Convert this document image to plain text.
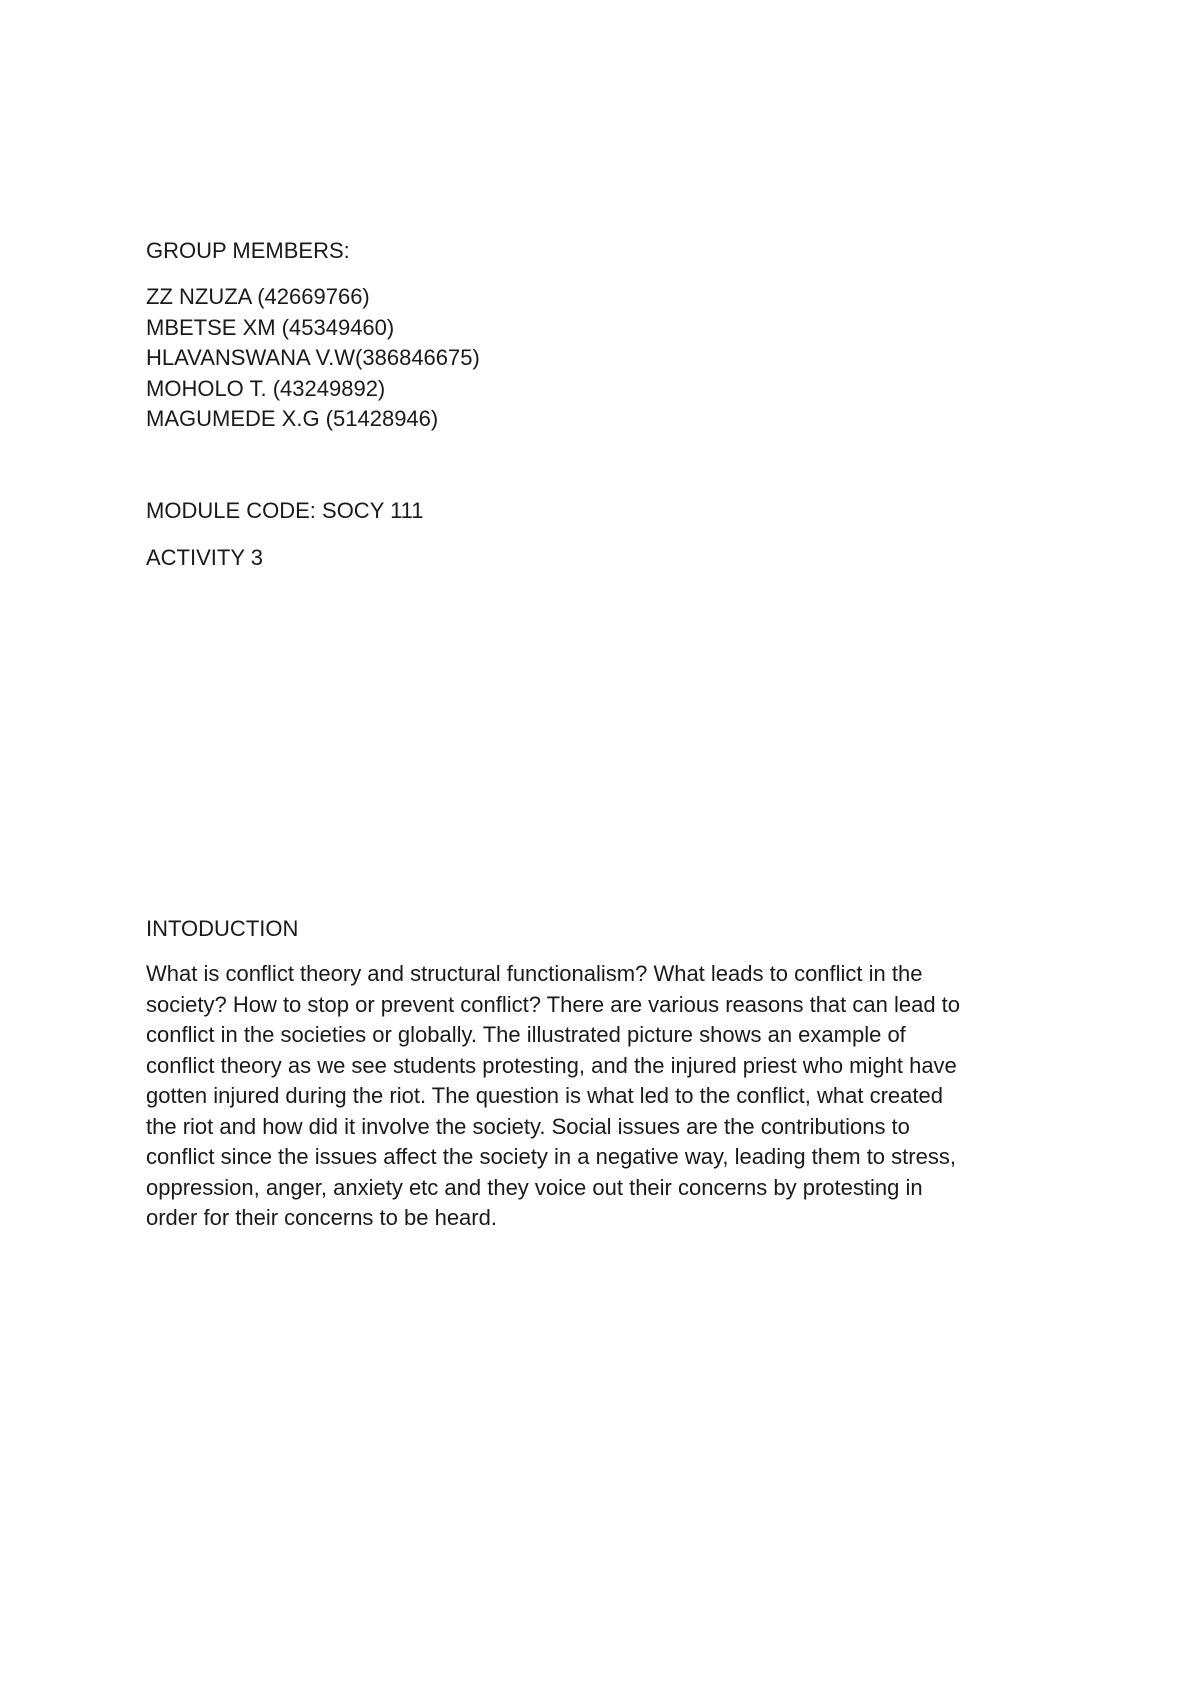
GROUP MEMBERS:

ZZ NZUZA (42669766)
MBETSE XM (45349460)
HLAVANSWANA V.W(386846675)
MOHOLO T. (43249892)
MAGUMEDE X.G (51428946)

MODULE CODE: SOCY 111

ACTIVITY 3

INTODUCTION

What is conflict theory and structural functionalism? What leads to conflict in the
society? How to stop or prevent conflict? There are various reasons that can lead to
conflict in the societies or globally. The illustrated picture shows an example of
conflict theory as we see students protesting, and the injured priest who might have
gotten injured during the riot. The question is what led to the conflict, what created
the riot and how did it involve the society. Social issues are the contributions to
conflict since the issues affect the society in a negative way, leading them to stress,
oppression, anger, anxiety etc and they voice out their concerns by protesting in
order for their concerns to be heard.
